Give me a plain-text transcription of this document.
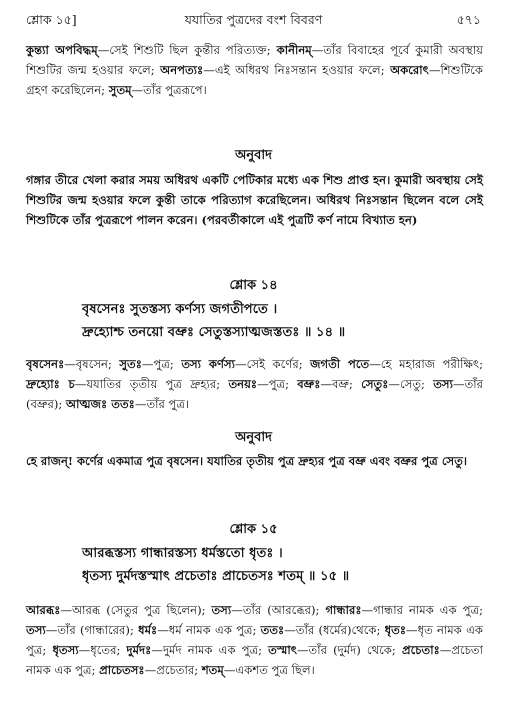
শ্লোক ১৫]	যযাতির পুত্রদের বংশ বিবরণ	৫৭১
কুন্ত্যা অপবিদ্ধম্—সেই শিশুটি ছিল কুন্তীর পরিত্যক্ত; কানীনম্—তাঁর বিবাহের পূর্বে কুমারী অবস্থায় শিশুটির জন্ম হওয়ার ফলে; অনপত্যঃ—এই অধিরথ নিঃসন্তান হওয়ার ফলে; অকরোৎ—শিশুটিকে গ্রহণ করেছিলেন; সুতম্—তাঁর পুত্ররূপে।
অনুবাদ
গঙ্গার তীরে খেলা করার সময় অধিরথ একটি পেটিকার মধ্যে এক শিশু প্রাপ্ত হন। কুমারী অবস্থায় সেই শিশুটির জন্ম হওয়ার ফলে কুন্তী তাকে পরিত্যাগ করেছিলেন। অধিরথ নিঃসন্তান ছিলেন বলে সেই শিশুটিকে তাঁর পুত্ররূপে পালন করেন। (পরবর্তীকালে এই পুত্রটি কর্ণ নামে বিখ্যাত হন)
শ্লোক ১৪
বৃষসেনঃ সুতস্তস্য কর্ণস্য জগতীপতে ।
দ্রুহ্যোশ্চ তনয়ো বভ্রুঃ সেতুস্তস্যাত্মজস্ততঃ ॥ ১৪ ॥
বৃষসেনঃ—বৃষসেন; সুতঃ—পুত্র; তস্য কর্ণস্য—সেই কর্ণের; জগতী পতে—হে মহারাজ পরীক্ষিৎ; দ্রুহ্যোঃ চ—যযাতির তৃতীয় পুত্র দ্রুহ্যর; তনয়ঃ—পুত্র; বভ্রুঃ—বভ্রু; সেতুঃ—সেতু; তস্য—তাঁর (বভ্রুর); আত্মজঃ ততঃ—তাঁর পুত্র।
অনুবাদ
হে রাজন্! কর্ণের একমাত্র পুত্র বৃষসেন। যযাতির তৃতীয় পুত্র দ্রুহ্যর পুত্র বভ্রু এবং বভ্রুর পুত্র সেতু।
শ্লোক ১৫
আরব্ধস্তস্য গান্ধারস্তস্য ধর্মস্ততো ধৃতঃ ।
ধৃতস্য দুর্মদস্তস্মাৎ প্রচেতাঃ প্রাচেতসঃ শতম্ ॥ ১৫ ॥
আরব্ধঃ—আরব্ধ (সেতুর পুত্র ছিলেন); তস্য—তাঁর (আরব্ধের); গান্ধারঃ—গান্ধার নামক এক পুত্র; তস্য—তাঁর (গান্ধারের); ধর্মঃ—ধর্ম নামক এক পুত্র; ততঃ—তাঁর (ধর্মের)থেকে; ধৃতঃ—ধৃত নামক এক পুত্র; ধৃতস্য—ধৃতের; দুর্মদঃ—দুর্মদ নামক এক পুত্র; তস্মাৎ—তাঁর (দুর্মদ) থেকে; প্রচেতাঃ—প্রচেতা নামক এক পুত্র; প্রাচেতসঃ—প্রচেতার; শতম্—একশত পুত্র ছিল।
